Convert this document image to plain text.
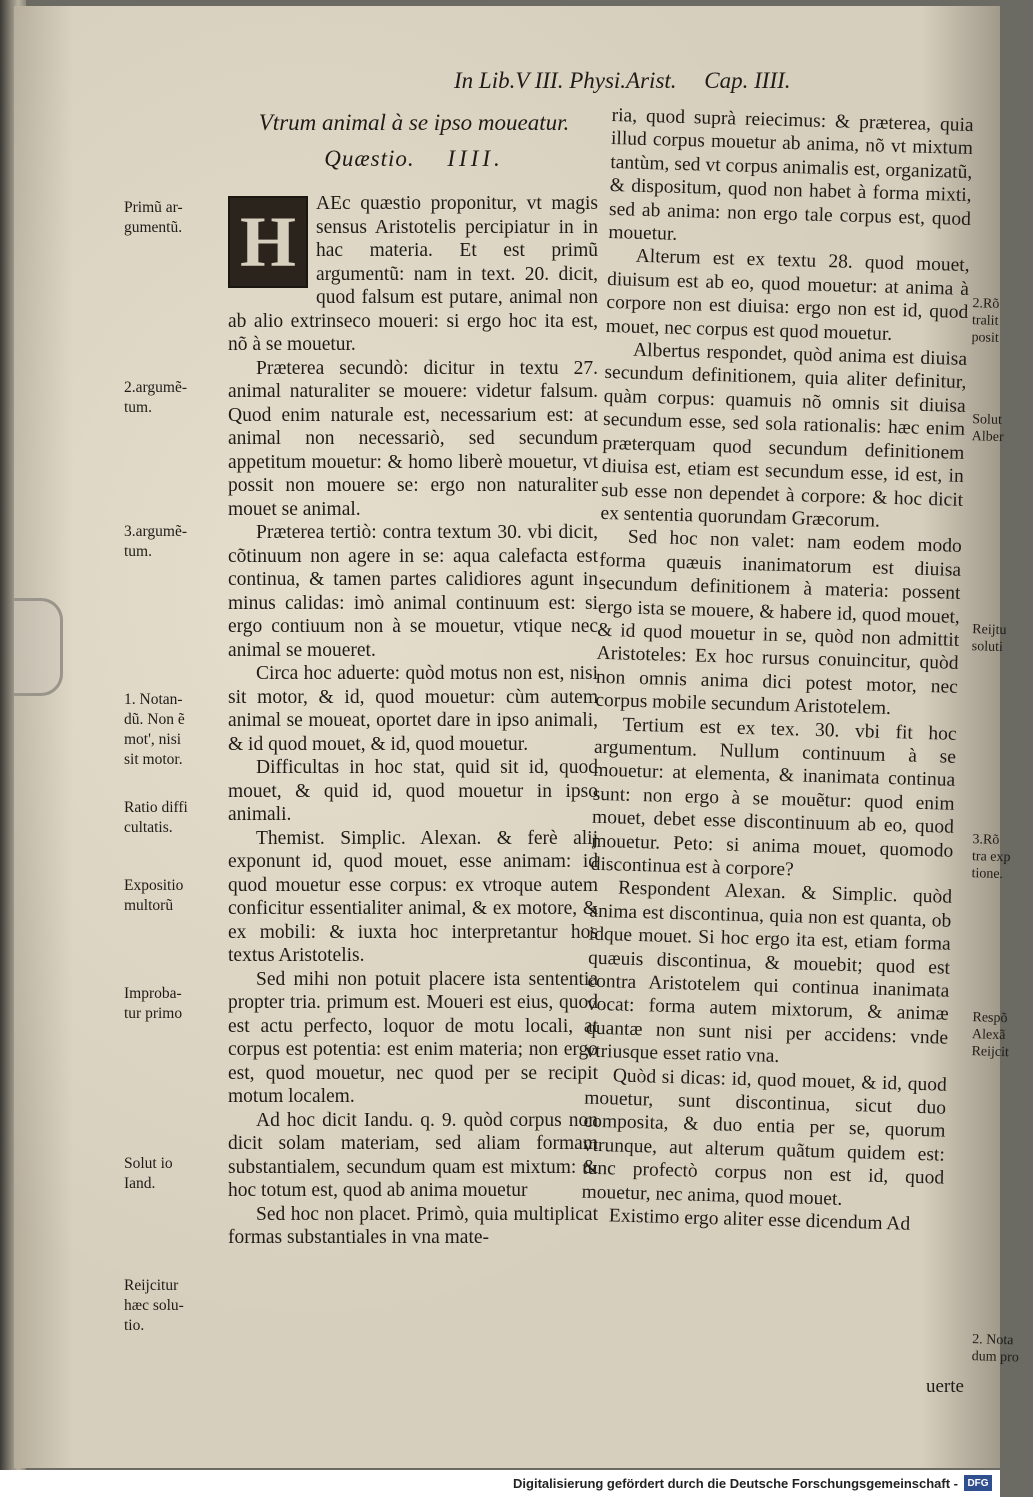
In Lib.V III. Physi.Arist. Cap. IIII.
Vtrum animal à se ipso moueatur.
Quæstio. IIII.
Primũ ar-
gumentũ.
2.argumẽ-
tum.
3.argumẽ-
tum.
1. Notan-
dũ. Non ẽ
mot', nisi
sit motor.
Ratio diffi
cultatis.
Expositio
multorũ
Improba-
tur primo
Solut io
Iand.
Reijcitur
hæc solu-
tio.

H	AEc quæstio proponitur, vt magis sensus Aristotelis percipiatur in in hac materia. Et est primũ argumentũ: nam in text. 20. dicit, quod falsum est putare, animal non ab alio extrinseco moueri: si ergo hoc ita est, nõ à se mouetur.

Præterea secundò: dicitur in textu 27. animal naturaliter se mouere: videtur falsum. Quod enim naturale est, necessarium est: at animal non necessariò, sed secundum appetitum mouetur: & homo liberè mouetur, vt possit non mouere se: ergo non naturaliter mouet se animal.

Præterea tertiò: contra textum 30. vbi dicit, cõtinuum non agere in se: aqua calefacta est continua, & tamen partes calidiores agunt in minus calidas: imò animal continuum est: si ergo contiuum non à se mouetur, vtique nec animal se moueret.

Circa hoc aduerte: quòd motus non est, nisi sit motor, & id, quod mouetur: cùm autem animal se moueat, oportet dare in ipso animali, & id quod mouet, & id, quod mouetur.

Difficultas in hoc stat, quid sit id, quod mouet, & quid id, quod mouetur in ipso animali.

Themist. Simplic. Alexan. & ferè alij exponunt id, quod mouet, esse animam: id quod mouetur esse corpus: ex vtroque autem conficitur essentialiter animal, & ex motore, & ex mobili: & iuxta hoc interpretantur hos textus Aristotelis.

Sed mihi non potuit placere ista sententia propter tria. primum est. Moueri est eius, quod est actu perfecto, loquor de motu locali, at corpus est potentia: est enim materia; non ergo est, quod mouetur, nec quod per se recipit motum localem.

Ad hoc dicit Iandu. q. 9. quòd corpus non dicit solam materiam, sed aliam formam substantialem, secundum quam est mixtum: & hoc totum est, quod ab anima mouetur

Sed hoc non placet. Primò, quia multiplicat formas substantiales in vna mate-

ria, quod suprà reiecimus: & præterea, quia illud corpus mouetur ab anima, nõ vt mixtum tantùm, sed vt corpus animalis est, organizatũ, & dispositum, quod non habet à forma mixti, sed ab anima: non ergo tale corpus est, quod mouetur.

Alterum est ex textu 28. quod mouet, diuisum est ab eo, quod mouetur: at anima à corpore non est diuisa: ergo non est id, quod mouet, nec corpus est quod mouetur.

Albertus respondet, quòd anima est diuisa secundum definitionem, quia aliter definitur, quàm corpus: quamuis nõ omnis sit diuisa secundum esse, sed sola rationalis: hæc enim præterquam quod secundum definitionem diuisa est, etiam est secundum esse, id est, in sub esse non dependet à corpore: & hoc dicit ex sententia quorundam Græcorum.

Sed hoc non valet: nam eodem modo forma quæuis inanimatorum est diuisa secundum definitionem à materia: possent ergo ista se mouere, & habere id, quod mouet, & id quod mouetur in se, quòd non admittit Aristoteles: Ex hoc rursus conuincitur, quòd non omnis anima dici potest motor, nec corpus mobile secundum Aristotelem.

Tertium est ex tex. 30. vbi fit hoc argumentum. Nullum continuum à se mouetur: at elementa, & inanimata continua sunt: non ergo à se mouẽtur: quod enim mouet, debet esse discontinuum ab eo, quod mouetur. Peto: si anima mouet, quomodo discontinua est à corpore?

Respondent Alexan. & Simplic. quòd anima est discontinua, quia non est quanta, ob idque mouet. Si hoc ergo ita est, etiam forma quæuis discontinua, & mouebit; quod est contra Aristotelem qui continua inanimata vocat: forma autem mixtorum, & animæ quantæ non sunt nisi per accidens: vnde vtriusque esset ratio vna.

Quòd si dicas: id, quod mouet, & id, quod mouetur, sunt discontinua, sicut duo composita, & duo entia per se, quorum vtrunque, aut alterum quãtum quidem est: tunc profectò corpus non est id, quod mouetur, nec anima, quod mouet.

Existimo ergo aliter esse dicendum Ad

2.Rõ
tralit
posit
Solut
Alber
Reijtu
soluti
3.Rõ
tra exp
tione.
Respõ
Alexã
Reijcit
2. Nota
dum pro
uerte
Digitalisierung gefördert durch die Deutsche Forschungsgemeinschaft - DFG
